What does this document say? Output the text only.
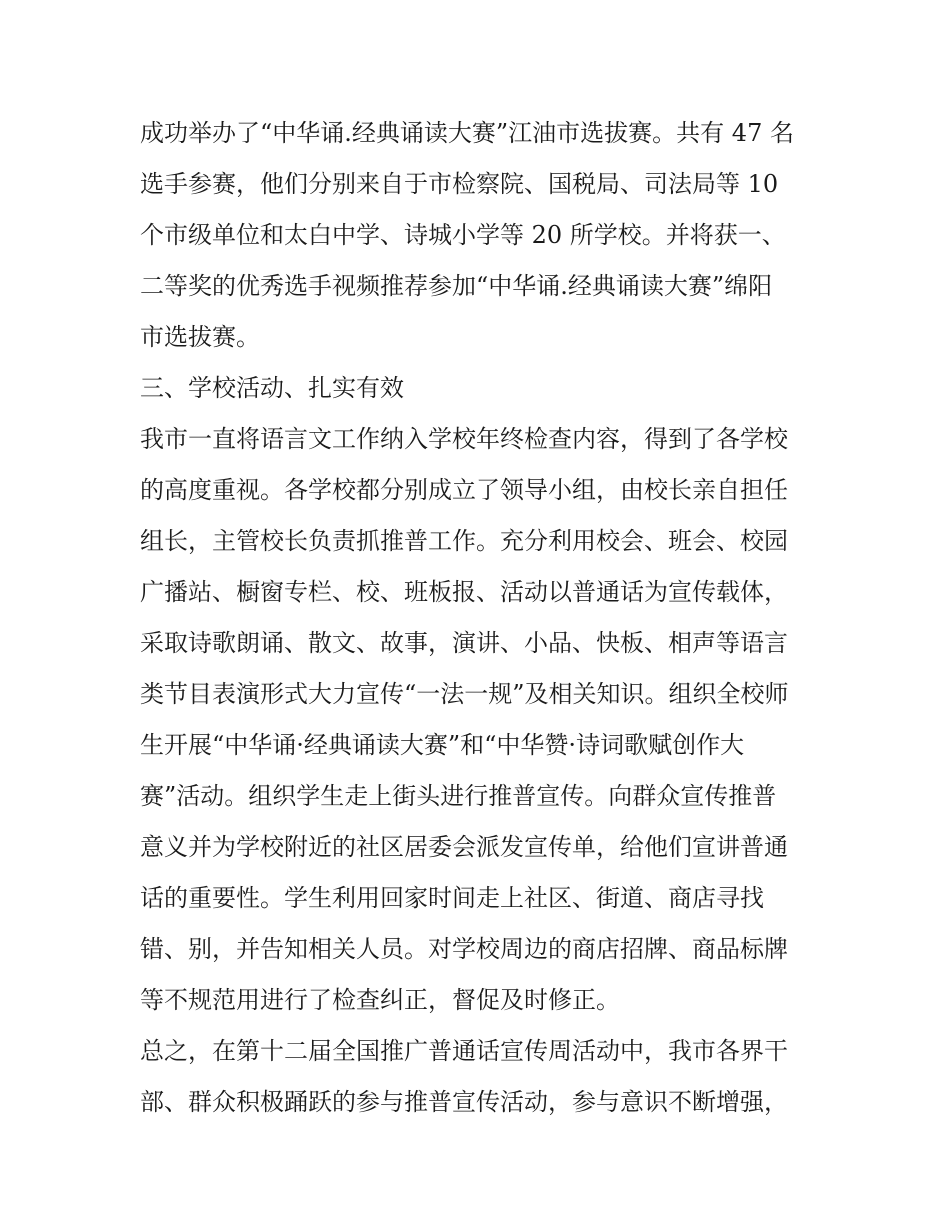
成功举办了“中华诵.经典诵读大赛”江油市选拔赛。共有 47 名
选手参赛，他们分别来自于市检察院、国税局、司法局等 10
个市级单位和太白中学、诗城小学等 20 所学校。并将获一、
二等奖的优秀选手视频推荐参加“中华诵.经典诵读大赛”绵阳
市选拔赛。
三、学校活动、扎实有效
我市一直将语言文工作纳入学校年终检查内容，得到了各学校
的高度重视。各学校都分别成立了领导小组，由校长亲自担任
组长，主管校长负责抓推普工作。充分利用校会、班会、校园
广播站、橱窗专栏、校、班板报、活动以普通话为宣传载体，
采取诗歌朗诵、散文、故事，演讲、小品、快板、相声等语言
类节目表演形式大力宣传“一法一规”及相关知识。组织全校师
生开展“中华诵·经典诵读大赛”和“中华赞·诗词歌赋创作大
赛”活动。组织学生走上街头进行推普宣传。向群众宣传推普
意义并为学校附近的社区居委会派发宣传单，给他们宣讲普通
话的重要性。学生利用回家时间走上社区、街道、商店寻找
错、别，并告知相关人员。对学校周边的商店招牌、商品标牌
等不规范用进行了检查纠正，督促及时修正。
总之，在第十二届全国推广普通话宣传周活动中，我市各界干
部、群众积极踊跃的参与推普宣传活动，参与意识不断增强，
